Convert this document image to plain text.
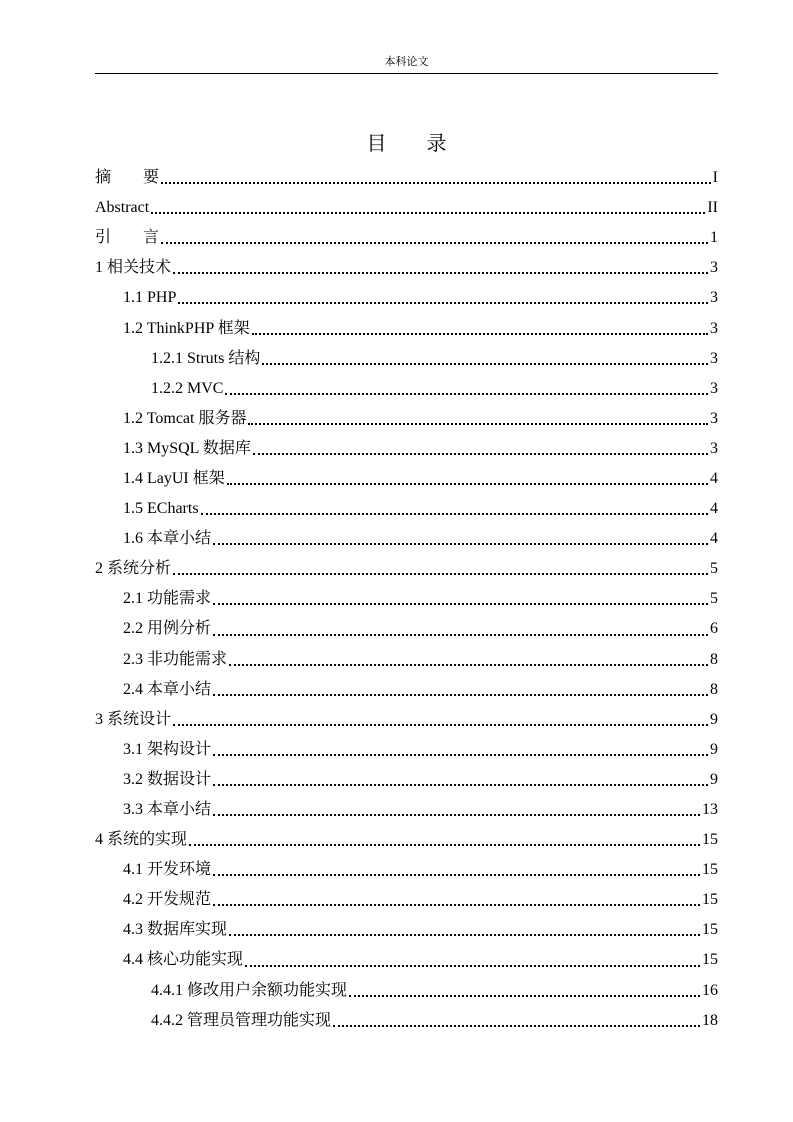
本科论文
目 录
摘　　要	I
Abstract	II
引　　言	1
1 相关技术	3
1.1 PHP	3
1.2 ThinkPHP 框架	3
1.2.1 Struts 结构	3
1.2.2 MVC	3
1.2 Tomcat 服务器	3
1.3 MySQL 数据库	3
1.4 LayUI 框架	4
1.5 ECharts	4
1.6 本章小结	4
2 系统分析	5
2.1 功能需求	5
2.2 用例分析	6
2.3 非功能需求	8
2.4 本章小结	8
3 系统设计	9
3.1 架构设计	9
3.2 数据设计	9
3.3 本章小结	13
4 系统的实现	15
4.1 开发环境	15
4.2 开发规范	15
4.3 数据库实现	15
4.4 核心功能实现	15
4.4.1 修改用户余额功能实现	16
4.4.2 管理员管理功能实现	18
